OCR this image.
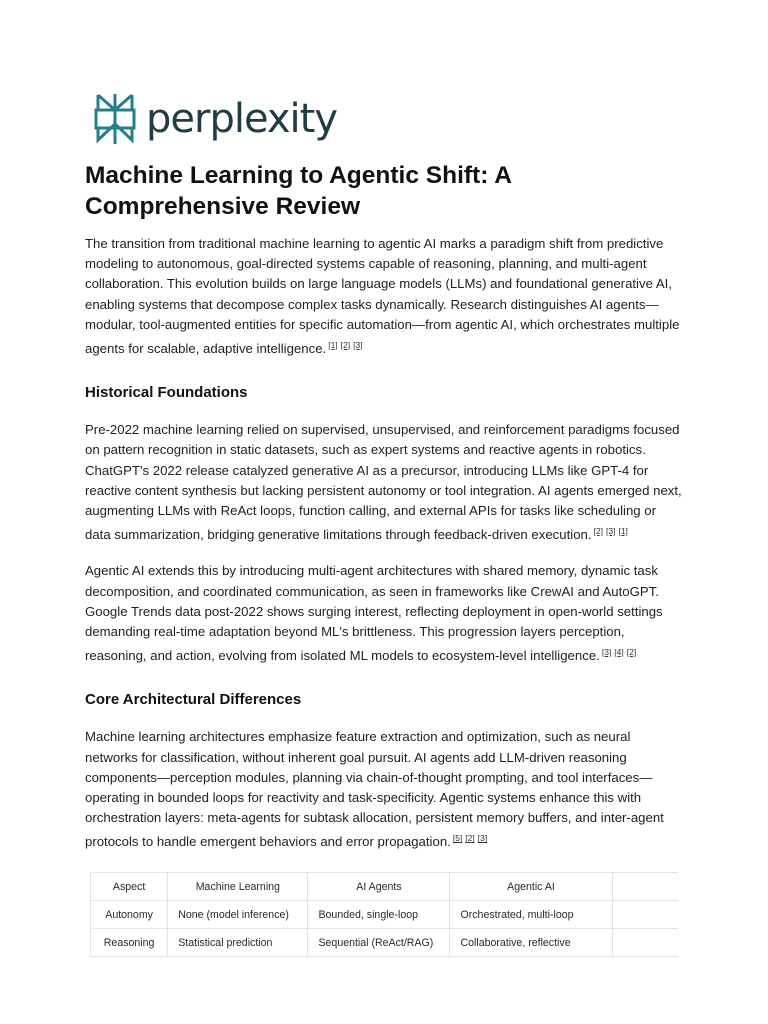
perplexity
Machine Learning to Agentic Shift: A Comprehensive Review

The transition from traditional machine learning to agentic AI marks a paradigm shift from predictive modeling to autonomous, goal-directed systems capable of reasoning, planning, and multi-agent collaboration. This evolution builds on large language models (LLMs) and foundational generative AI, enabling systems that decompose complex tasks dynamically. Research distinguishes AI agents—modular, tool-augmented entities for specific automation—from agentic AI, which orchestrates multiple agents for scalable, adaptive intelligence. [1] [2] [3]

Historical Foundations

Pre-2022 machine learning relied on supervised, unsupervised, and reinforcement paradigms focused on pattern recognition in static datasets, such as expert systems and reactive agents in robotics. ChatGPT's 2022 release catalyzed generative AI as a precursor, introducing LLMs like GPT-4 for reactive content synthesis but lacking persistent autonomy or tool integration. AI agents emerged next, augmenting LLMs with ReAct loops, function calling, and external APIs for tasks like scheduling or data summarization, bridging generative limitations through feedback-driven execution. [2] [3] [1]

Agentic AI extends this by introducing multi-agent architectures with shared memory, dynamic task decomposition, and coordinated communication, as seen in frameworks like CrewAI and AutoGPT. Google Trends data post-2022 shows surging interest, reflecting deployment in open-world settings demanding real-time adaptation beyond ML's brittleness. This progression layers perception, reasoning, and action, evolving from isolated ML models to ecosystem-level intelligence. [3] [4] [2]

Core Architectural Differences

Machine learning architectures emphasize feature extraction and optimization, such as neural networks for classification, without inherent goal pursuit. AI agents add LLM-driven reasoning components—perception modules, planning via chain-of-thought prompting, and tool interfaces—operating in bounded loops for reactivity and task-specificity. Agentic systems enhance this with orchestration layers: meta-agents for subtask allocation, persistent memory buffers, and inter-agent protocols to handle emergent behaviors and error propagation. [5] [2] [3]

Aspect	Machine Learning	AI Agents	Agentic AI	
Autonomy	None (model inference)	Bounded, single-loop	Orchestrated, multi-loop	
Reasoning	Statistical prediction	Sequential (ReAct/RAG)	Collaborative, reflective	
